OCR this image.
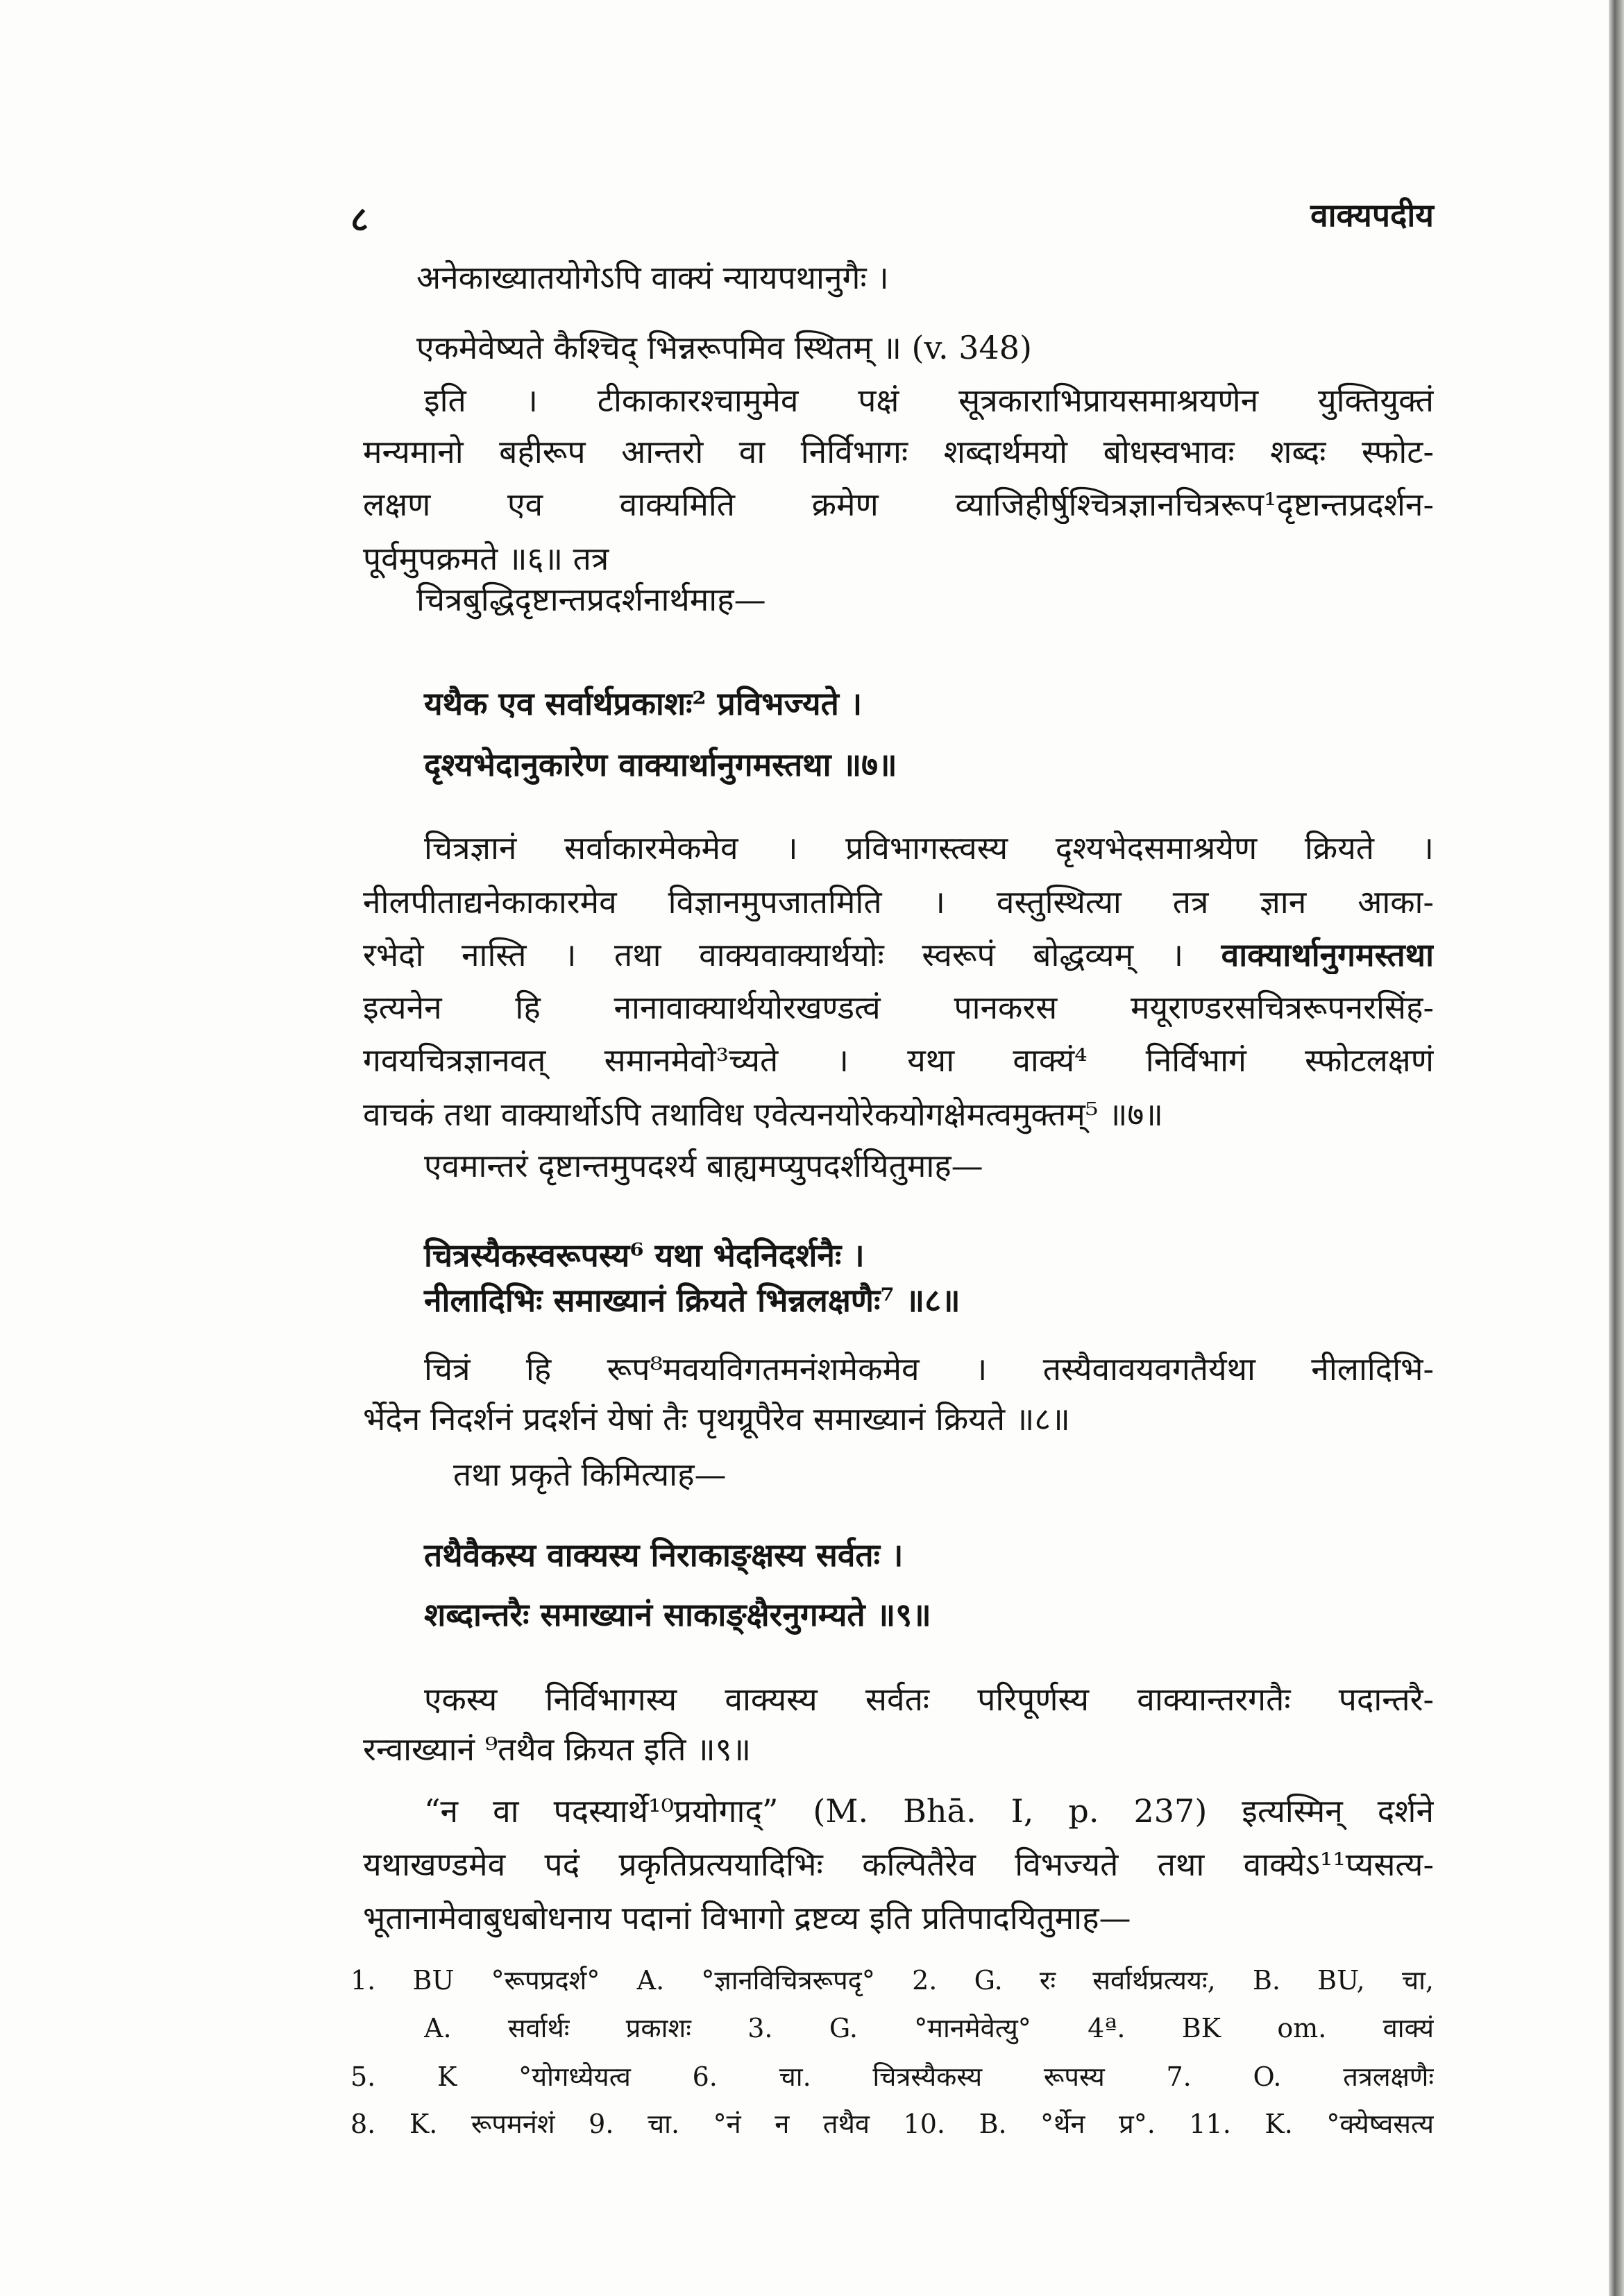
८	वाक्यपदीय
अनेकाख्यातयोगेऽपि वाक्यं न्यायपथानुगैः ।
एकमेवेष्यते कैश्चिद् भिन्नरूपमिव स्थितम् ॥ (v. 348)
इति । टीकाकारश्चामुमेव पक्षं सूत्रकाराभिप्रायसमाश्रयणेन युक्तियुक्तं
मन्यमानो बहीरूप आन्तरो वा निर्विभागः शब्दार्थमयो बोधस्वभावः शब्दः स्फोट-
लक्षण एव वाक्यमिति क्रमेण व्याजिहीर्षुश्चित्रज्ञानचित्ररूप¹दृष्टान्तप्रदर्शन-
पूर्वमुपक्रमते ॥६॥ तत्र
चित्रबुद्धिदृष्टान्तप्रदर्शनार्थमाह—
यथैक एव सर्वार्थप्रकाशः² प्रविभज्यते ।
दृश्यभेदानुकारेण वाक्यार्थानुगमस्तथा ॥७॥
चित्रज्ञानं सर्वाकारमेकमेव । प्रविभागस्त्वस्य दृश्यभेदसमाश्रयेण क्रियते ।
नीलपीताद्यनेकाकारमेव विज्ञानमुपजातमिति । वस्तुस्थित्या तत्र ज्ञान आका-
रभेदो नास्ति । तथा वाक्यवाक्यार्थयोः स्वरूपं बोद्धव्यम् । वाक्यार्थानुगमस्तथा
इत्यनेन हि नानावाक्यार्थयोरखण्डत्वं पानकरस मयूराण्डरसचित्ररूपनरसिंह-
गवयचित्रज्ञानवत् समानमेवो³च्यते । यथा वाक्यं⁴ निर्विभागं स्फोटलक्षणं
वाचकं तथा वाक्यार्थोऽपि तथाविध एवेत्यनयोरेकयोगक्षेमत्वमुक्तम्⁵ ॥७॥
एवमान्तरं दृष्टान्तमुपदर्श्य बाह्यमप्युपदर्शयितुमाह—
चित्रस्यैकस्वरूपस्य⁶ यथा भेदनिदर्शनैः ।
नीलादिभिः समाख्यानं क्रियते भिन्नलक्षणैः⁷ ॥८॥
चित्रं हि रूप⁸मवयविगतमनंशमेकमेव । तस्यैवावयवगतैर्यथा नीलादिभि-
र्भेदेन निदर्शनं प्रदर्शनं येषां तैः पृथग्रूपैरेव समाख्यानं क्रियते ॥८॥
तथा प्रकृते किमित्याह—
तथैवैकस्य वाक्यस्य निराकाङ्क्षस्य सर्वतः ।
शब्दान्तरैः समाख्यानं साकाङ्क्षैरनुगम्यते ॥९॥
एकस्य निर्विभागस्य वाक्यस्य सर्वतः परिपूर्णस्य वाक्यान्तरगतैः पदान्तरै-
रन्वाख्यानं ⁹तथैव क्रियत इति ॥९॥
“न वा पदस्यार्थे¹⁰प्रयोगाद्” (M. Bhā. I, p. 237) इत्यस्मिन् दर्शने
यथाखण्डमेव पदं प्रकृतिप्रत्ययादिभिः कल्पितैरेव विभज्यते तथा वाक्येऽ¹¹प्यसत्य-
भूतानामेवाबुधबोधनाय पदानां विभागो द्रष्टव्य इति प्रतिपादयितुमाह—
1. BU °रूपप्रदर्श° A. °ज्ञानविचित्ररूपदृ° 2. G. रः सर्वार्थप्रत्ययः, B. BU, चा,
A. सर्वार्थः प्रकाशः 3. G. °मानमेवेत्यु° 4ª. BK om. वाक्यं
5. K °योगध्येयत्व 6. चा. चित्रस्यैकस्य रूपस्य 7. O. तत्रलक्षणैः
8. K. रूपमनंशं 9. चा. °नं न तथैव 10. B. °र्थेन प्र°. 11. K. °क्येष्वसत्य
